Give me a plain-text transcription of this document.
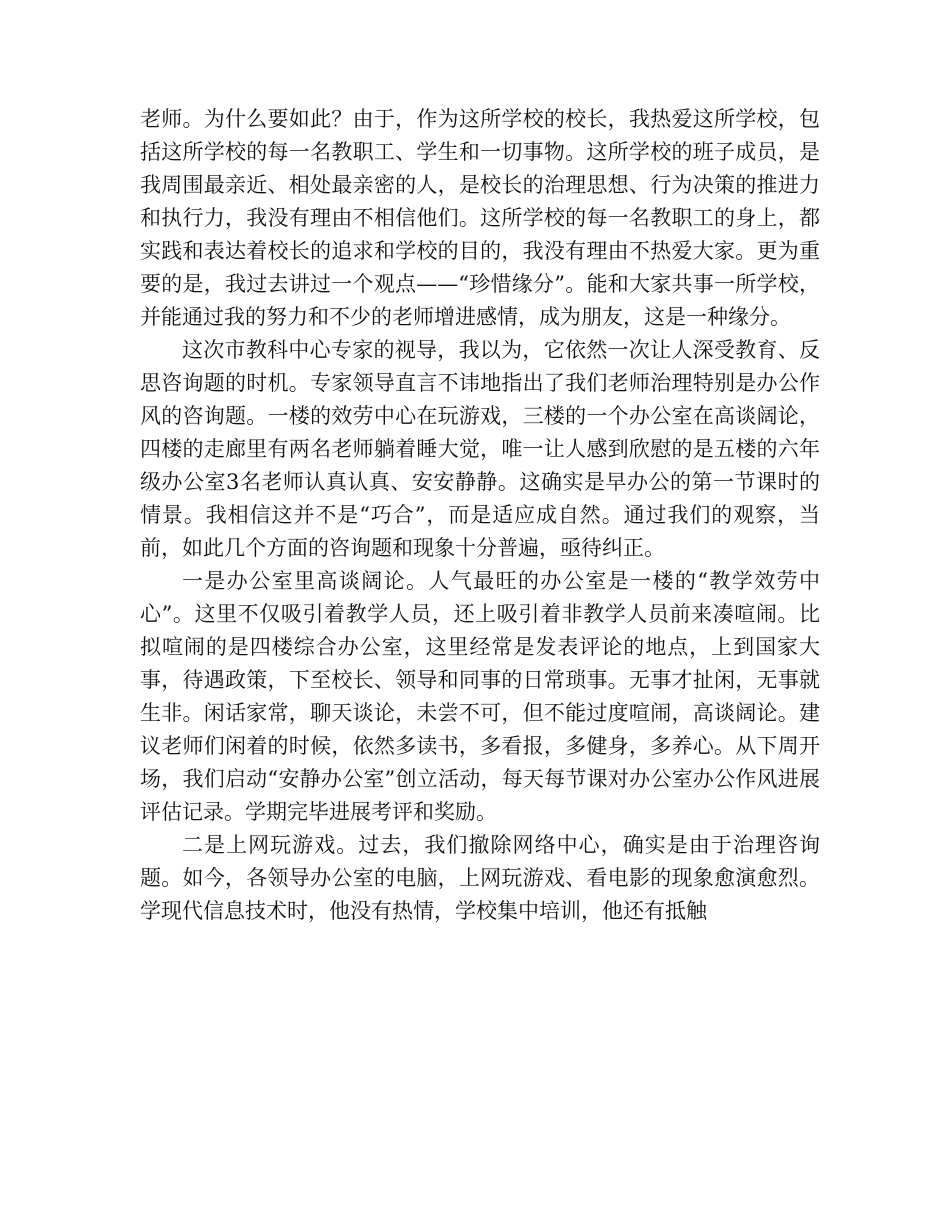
老师。为什么要如此？由于，作为这所学校的校长，我热爱这所学校，包括这所学校的每一名教职工、学生和一切事物。这所学校的班子成员，是我周围最亲近、相处最亲密的人，是校长的治理思想、行为决策的推进力和执行力，我没有理由不相信他们。这所学校的每一名教职工的身上，都实践和表达着校长的追求和学校的目的，我没有理由不热爱大家。更为重要的是，我过去讲过一个观点——“珍惜缘分”。能和大家共事一所学校，并能通过我的努力和不少的老师增进感情，成为朋友，这是一种缘分。

这次市教科中心专家的视导，我以为，它依然一次让人深受教育、反思咨询题的时机。专家领导直言不讳地指出了我们老师治理特别是办公作风的咨询题。一楼的效劳中心在玩游戏，三楼的一个办公室在高谈阔论，四楼的走廊里有两名老师躺着睡大觉，唯一让人感到欣慰的是五楼的六年级办公室3名老师认真认真、安安静静。这确实是早办公的第一节课时的情景。我相信这并不是“巧合”，而是适应成自然。通过我们的观察，当前，如此几个方面的咨询题和现象十分普遍，亟待纠正。

一是办公室里高谈阔论。人气最旺的办公室是一楼的“教学效劳中心”。这里不仅吸引着教学人员，还上吸引着非教学人员前来凑喧闹。比拟喧闹的是四楼综合办公室，这里经常是发表评论的地点，上到国家大事，待遇政策，下至校长、领导和同事的日常琐事。无事才扯闲，无事就生非。闲话家常，聊天谈论，未尝不可，但不能过度喧闹，高谈阔论。建议老师们闲着的时候，依然多读书，多看报，多健身，多养心。从下周开场，我们启动“安静办公室”创立活动，每天每节课对办公室办公作风进展评估记录。学期完毕进展考评和奖励。

二是上网玩游戏。过去，我们撤除网络中心，确实是由于治理咨询题。如今，各领导办公室的电脑，上网玩游戏、看电影的现象愈演愈烈。学现代信息技术时，他没有热情，学校集中培训，他还有抵触
